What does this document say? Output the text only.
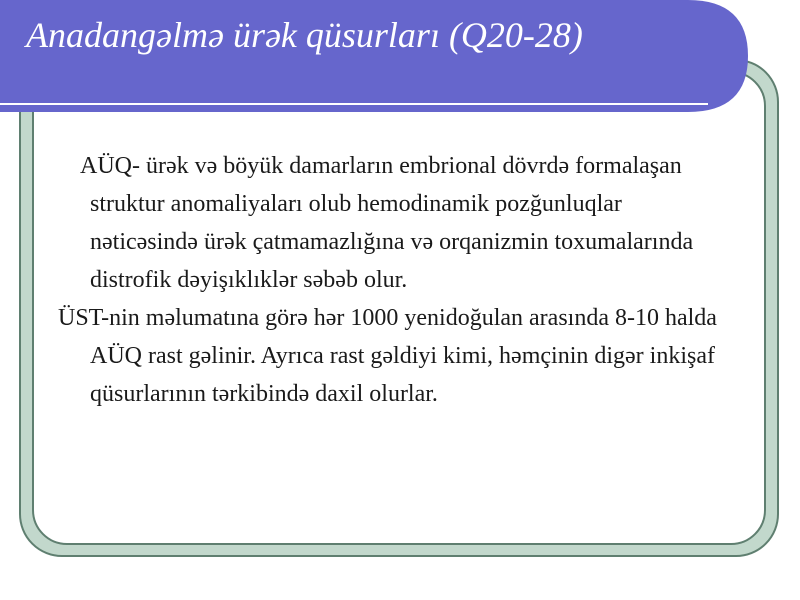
Anadangəlmə ürək qüsurları (Q20-28)

AÜQ- ürək və böyük damarların embrional dövrdə formalaşan struktur anomaliyaları olub hemodinamik pozğunluqlar nəticəsində ürək çatmamazlığına və orqanizmin toxumalarında distrofik dəyişıklıklər səbəb olur.

ÜST-nin məlumatına görə hər 1000 yenidoğulan arasında 8-10 halda AÜQ rast gəlinir. Ayrıca rast gəldiyi kimi, həmçinin digər inkişaf qüsurlarının tərkibində daxil olurlar.
